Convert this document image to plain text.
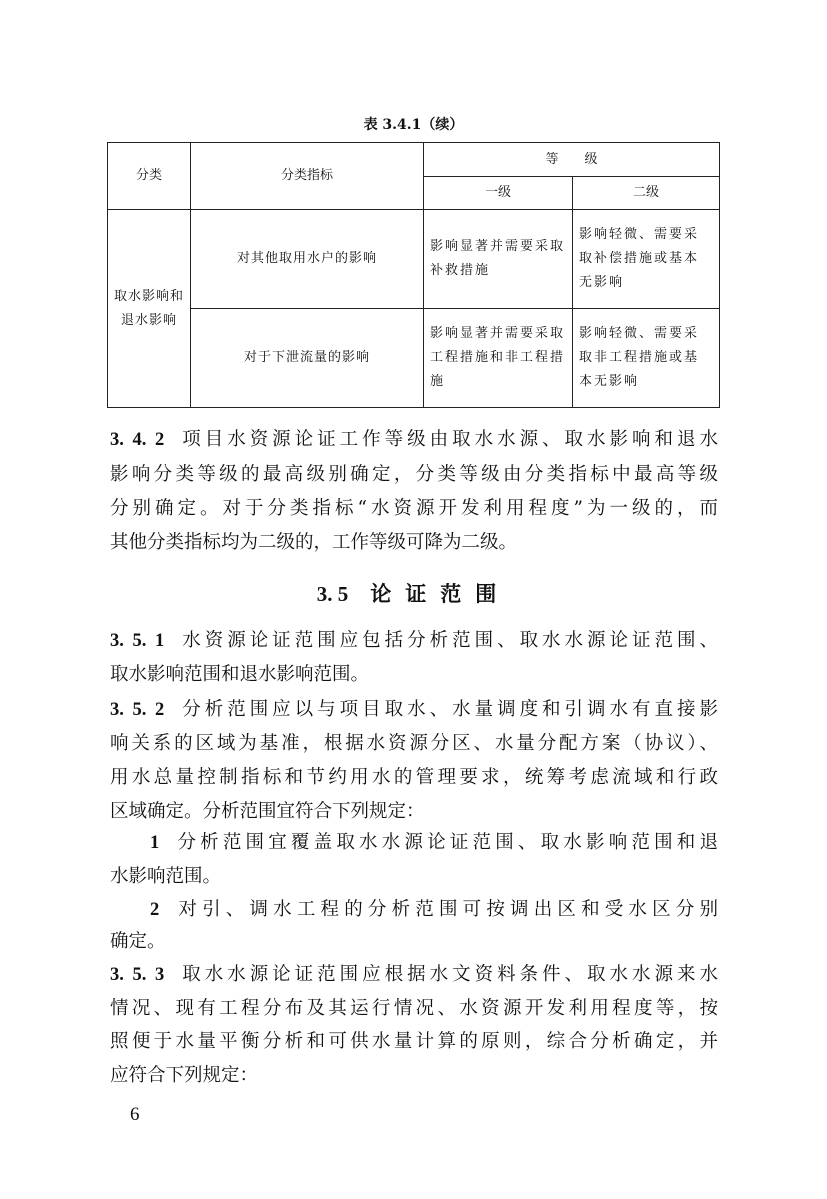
表 3.4.1（续）
分类	分类指标	等　　级	
		一级	二级
取水影响和退水影响	对其他取用水户的影响	影响显著并需要采取补救措施	影响轻微、需要采取补偿措施或基本无影响
	对于下泄流量的影响	影响显著并需要采取工程措施和非工程措施	影响轻微、需要采取非工程措施或基本无影响
3. 4. 2 项目水资源论证工作等级由取水水源、取水影响和退水
影响分类等级的最高级别确定，分类等级由分类指标中最高等级
分别确定。对于分类指标“水资源开发利用程度”为一级的，而
其他分类指标均为二级的，工作等级可降为二级。
3. 5 论证范围
3. 5. 1 水资源论证范围应包括分析范围、取水水源论证范围、
取水影响范围和退水影响范围。
3. 5. 2 分析范围应以与项目取水、水量调度和引调水有直接影
响关系的区域为基准，根据水资源分区、水量分配方案（协议）、
用水总量控制指标和节约用水的管理要求，统筹考虑流域和行政
区域确定。分析范围宜符合下列规定：
1 分析范围宜覆盖取水水源论证范围、取水影响范围和退
水影响范围。
2 对引、调水工程的分析范围可按调出区和受水区分别
确定。
3. 5. 3 取水水源论证范围应根据水文资料条件、取水水源来水
情况、现有工程分布及其运行情况、水资源开发利用程度等，按
照便于水量平衡分析和可供水量计算的原则，综合分析确定，并
应符合下列规定：
6
